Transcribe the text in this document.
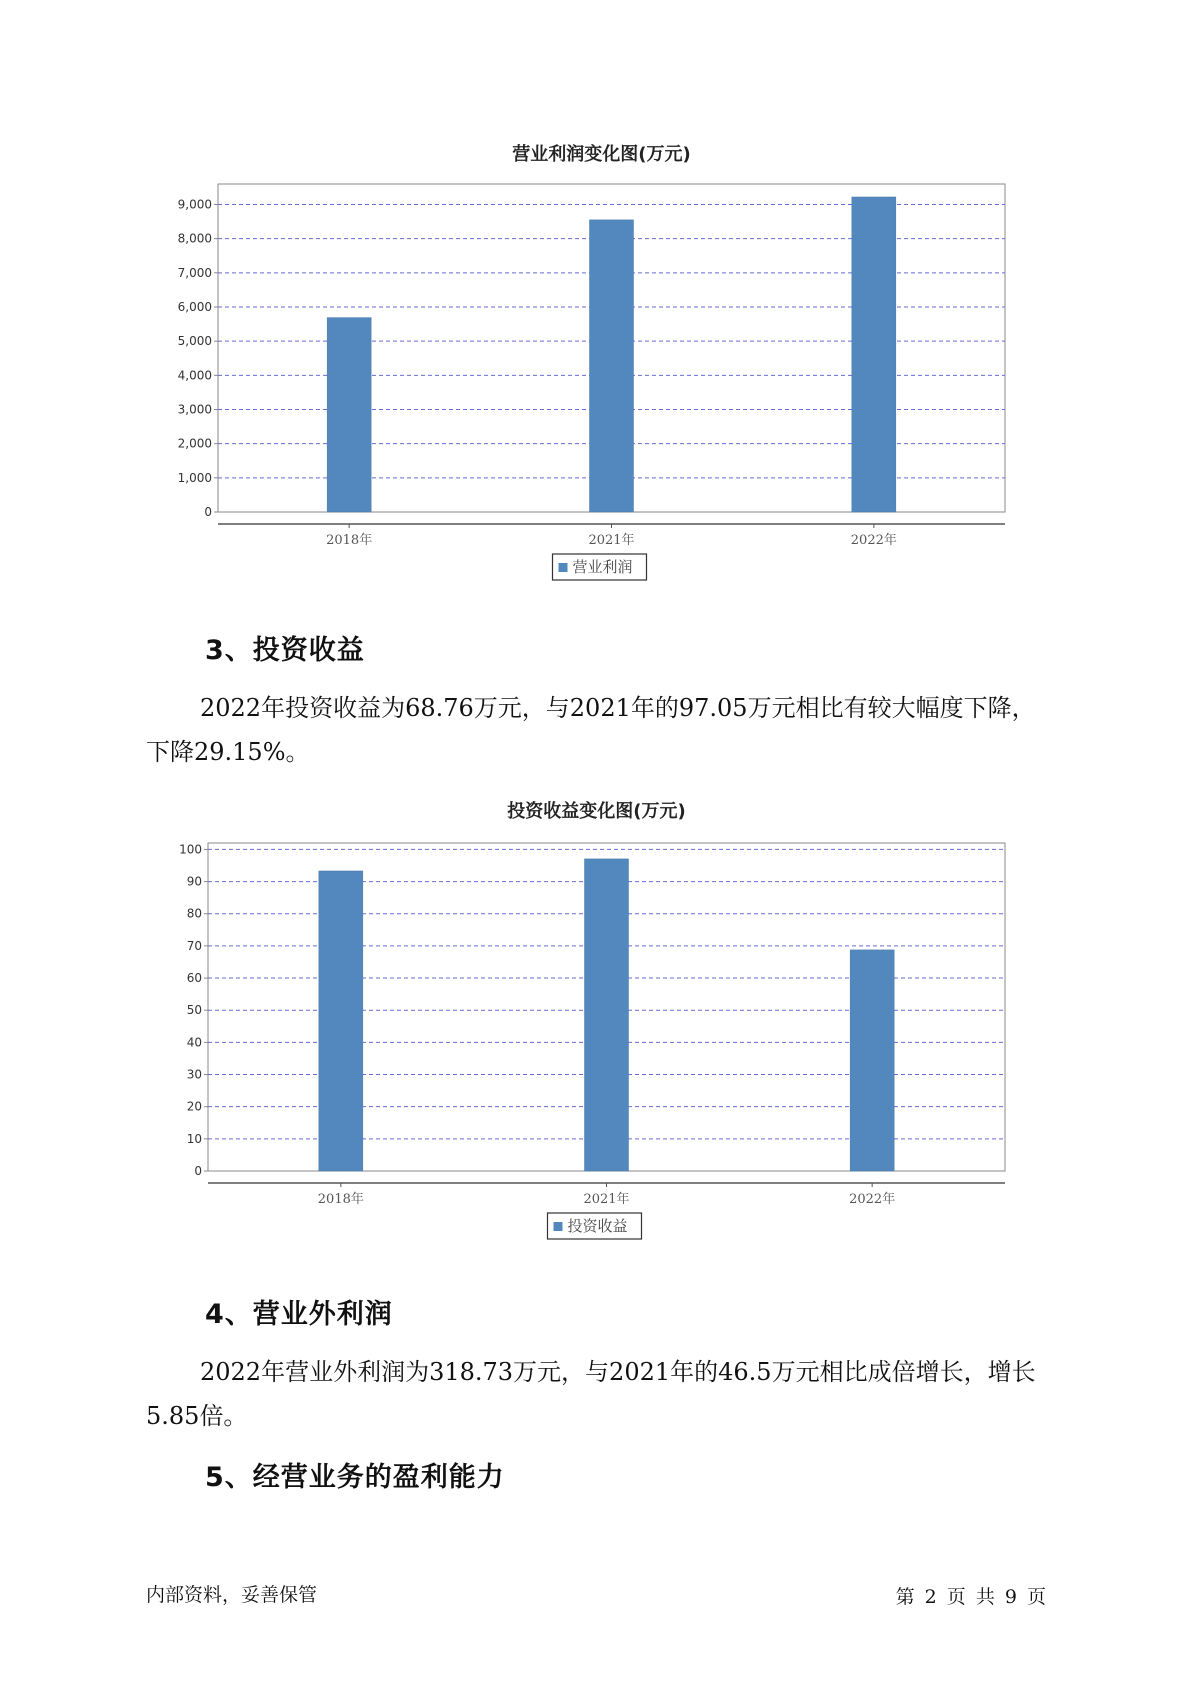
营业利润变化图(万元)
0
1,000
2,000
3,000
4,000
5,000
6,000
7,000
8,000
9,000
2018年	2021年	2022年
营业利润
3、投资收益
2022年投资收益为68.76万元，与2021年的97.05万元相比有较大幅度下降，下降29.15%。
投资收益变化图(万元)
0
10
20
30
40
50
60
70
80
90
100
2018年	2021年	2022年
投资收益
4、营业外利润
2022年营业外利润为318.73万元，与2021年的46.5万元相比成倍增长，增长5.85倍。
5、经营业务的盈利能力
内部资料，妥善保管	第 2 页 共 9 页
